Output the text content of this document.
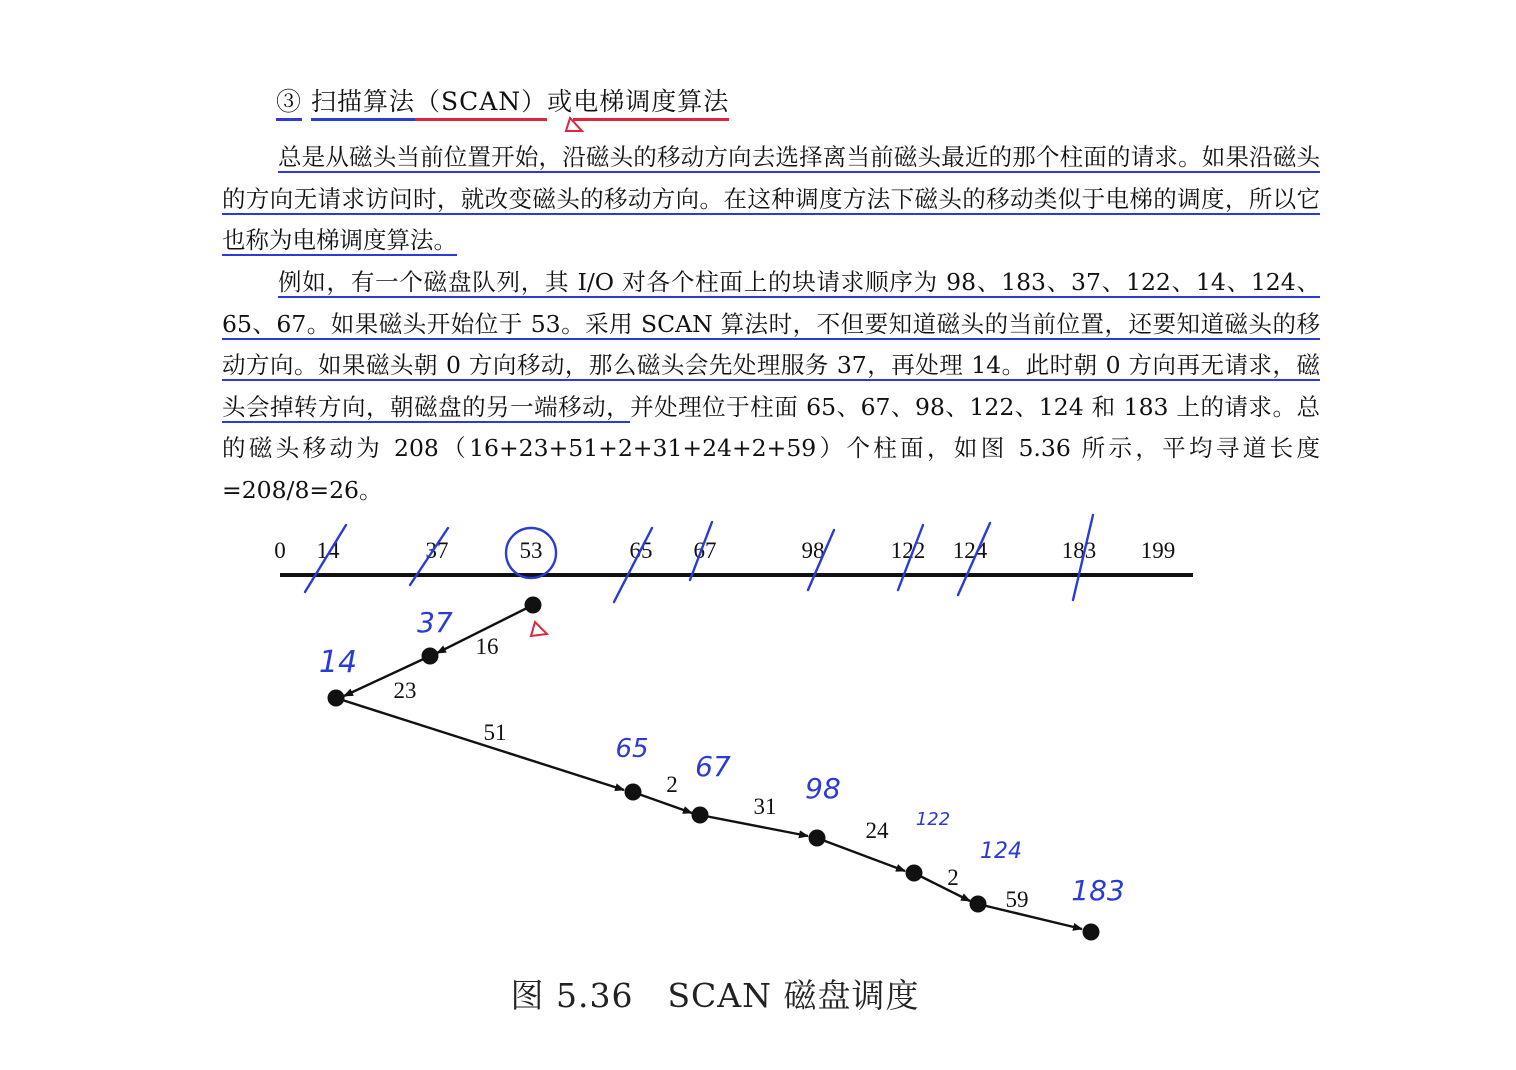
③ 扫描算法（SCAN）或电梯调度算法

总是从磁头当前位置开始，沿磁头的移动方向去选择离当前磁头最近的那个柱面的请求。如果沿磁头的方向无请求访问时，就改变磁头的移动方向。在这种调度方法下磁头的移动类似于电梯的调度，所以它也称为电梯调度算法。

例如，有一个磁盘队列，其 I/O 对各个柱面上的块请求顺序为 98、183、37、122、14、124、65、67。如果磁头开始位于 53。采用 SCAN 算法时，不但要知道磁头的当前位置，还要知道磁头的移动方向。如果磁头朝 0 方向移动，那么磁头会先处理服务 37，再处理 14。此时朝 0 方向再无请求，磁头会掉转方向，朝磁盘的另一端移动，并处理位于柱面 65、67、98、122、124 和 183 上的请求。总的磁头移动为 208（16+23+51+2+31+24+2+59）个柱面，如图 5.36 所示，平均寻道长度=208/8=26。

0 14	37	53	65 67	98	122 124	183 199
16
23
51
2
31
24
2
59
37
14
65
67
98
122
124
183
图 5.36　SCAN 磁盘调度
